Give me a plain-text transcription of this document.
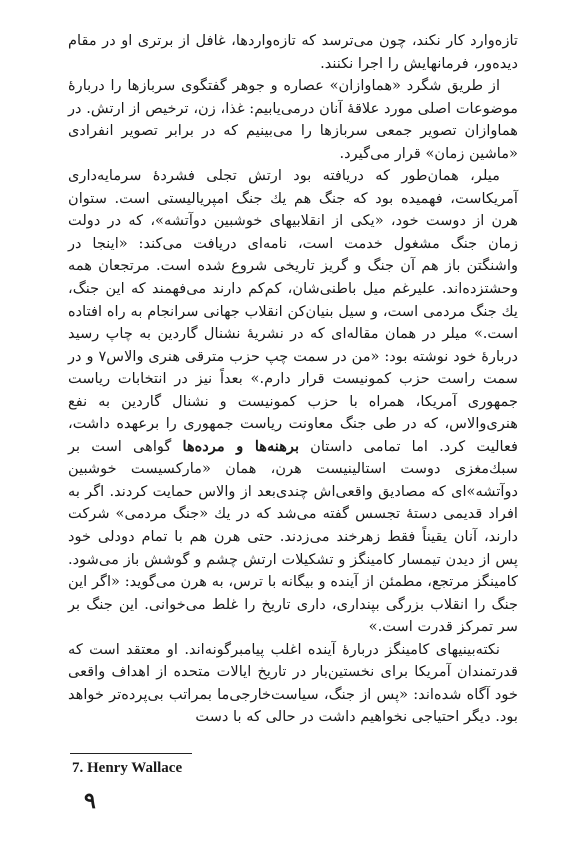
تازه‌وارد کار نکند، چون می‌ترسد که تازه‌واردها، غافل از برتری او در مقام دیده‌ور، فرمانهایش را اجرا نکنند.

از طریق شگرد «هماوازان» عصاره و جوهر گفتگوی سربازها را دربارهٔ موضوعات اصلی مورد علاقهٔ آنان درمی‌یابیم: غذا، زن، ترخیص از ارتش. در هماوازان تصویر جمعی سربازها را می‌بینیم که در برابر تصویر انفرادی «ماشین زمان» قرار می‌گیرد.

میلر، همان‌طور که دریافته بود ارتش تجلی فشردهٔ سرمایه‌داری آمریکاست، فهمیده بود که جنگ هم یك جنگ امپریالیستی است. ستوان هرن از دوست خود، «یکی از انقلابیهای خوشبین دوآتشه»، که در دولت زمان جنگ مشغول خدمت است، نامه‌ای دریافت می‌کند: «اینجا در واشنگتن باز هم آن جنگ و گریز تاریخی شروع شده است. مرتجعان همه وحشتزده‌اند. علیرغم میل باطنی‌شان، کم‌کم دارند می‌فهمند که این جنگ، یك جنگ مردمی است، و سیل بنیان‌کن انقلاب جهانی سرانجام به راه افتاده است.» میلر در همان مقاله‌ای که در نشریهٔ نشنال گاردین به چاپ رسید دربارهٔ خود نوشته بود: «من در سمت چپ حزب مترقی هنری والاس۷ و در سمت راست حزب کمونیست قرار دارم.» بعداً نیز در انتخابات ریاست جمهوری آمریکا، همراه با حزب کمونیست و نشنال گاردین به نفع هنری‌والاس، که در طی جنگ معاونت ریاست جمهوری را برعهده داشت، فعالیت کرد. اما تمامی داستان برهنه‌ها و مرده‌ها گواهی است بر سبك‌مغزی دوست استالینیست هرن، همان «مارکسیست خوشبین دوآتشه»ای که مصادیق واقعی‌اش چندی‌بعد از والاس حمایت کردند. اگر به افراد قدیمی دستهٔ تجسس گفته می‌شد که در یك «جنگ مردمی» شرکت دارند، آنان یقیناً فقط زهرخند می‌زدند. حتی هرن هم با تمام دودلی خود پس از دیدن تیمسار کامینگز و تشکیلات ارتش چشم و گوشش باز می‌شود. کامینگز مرتجع، مطمئن از آینده و بیگانه با ترس، به هرن می‌گوید: «اگر این جنگ را انقلاب بزرگی بپنداری، داری تاریخ را غلط می‌خوانی. این جنگ بر سر تمرکز قدرت است.»

نکته‌بینیهای کامینگز دربارهٔ آینده اغلب پیامبرگونه‌اند. او معتقد است که قدرتمندان آمریکا برای نخستین‌بار در تاریخ ایالات متحده از اهداف واقعی خود آگاه شده‌اند: «پس از جنگ، سیاست‌خارجی‌ما بمراتب بی‌پرده‌تر خواهد بود. دیگر احتیاجی نخواهیم داشت در حالی که با دست

7. Henry Wallace
۹
